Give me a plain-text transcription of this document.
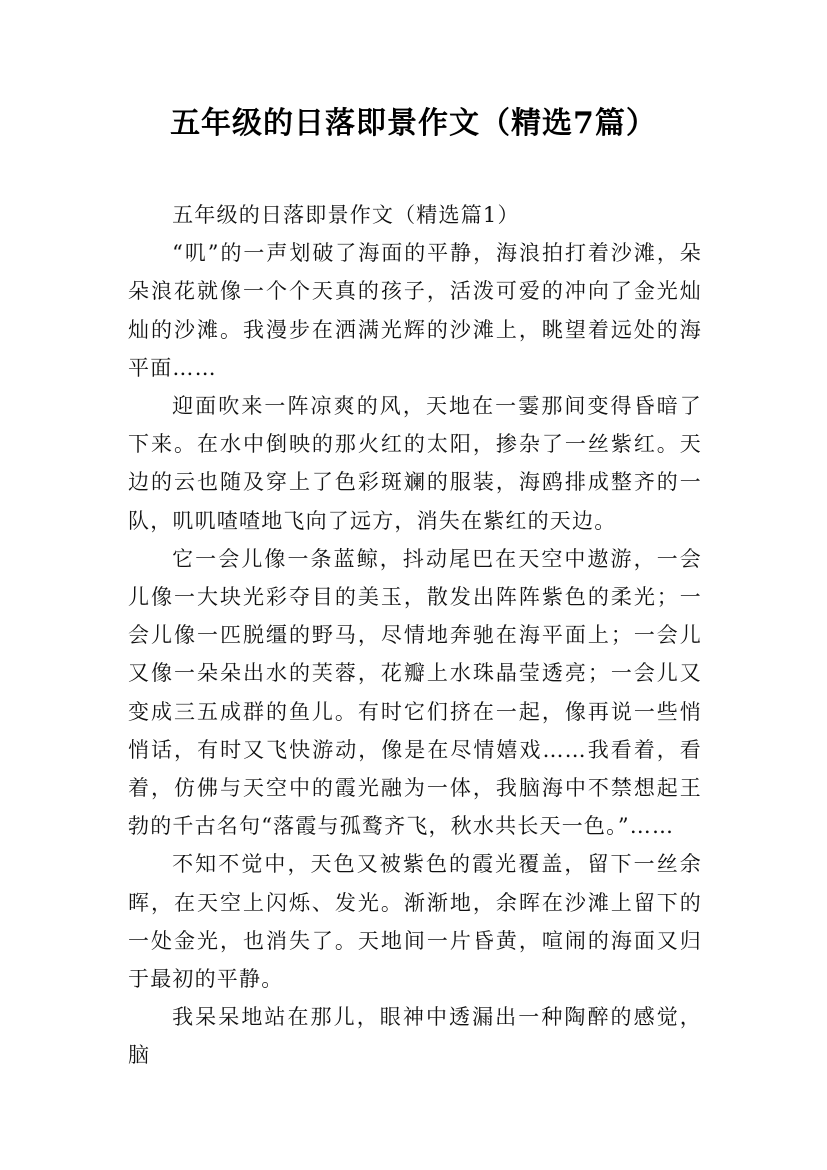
五年级的日落即景作文（精选7篇）
五年级的日落即景作文（精选篇1）

“叽”的一声划破了海面的平静，海浪拍打着沙滩，朵朵浪花就像一个个天真的孩子，活泼可爱的冲向了金光灿灿的沙滩。我漫步在洒满光辉的沙滩上，眺望着远处的海平面……

迎面吹来一阵凉爽的风，天地在一霎那间变得昏暗了下来。在水中倒映的那火红的太阳，掺杂了一丝紫红。天边的云也随及穿上了色彩斑斓的服装，海鸥排成整齐的一队，叽叽喳喳地飞向了远方，消失在紫红的天边。

它一会儿像一条蓝鲸，抖动尾巴在天空中遨游，一会儿像一大块光彩夺目的美玉，散发出阵阵紫色的柔光；一会儿像一匹脱缰的野马，尽情地奔驰在海平面上；一会儿又像一朵朵出水的芙蓉，花瓣上水珠晶莹透亮；一会儿又变成三五成群的鱼儿。有时它们挤在一起，像再说一些悄悄话，有时又飞快游动，像是在尽情嬉戏……我看着，看着，仿佛与天空中的霞光融为一体，我脑海中不禁想起王勃的千古名句“落霞与孤鹜齐飞，秋水共长天一色。”……

不知不觉中，天色又被紫色的霞光覆盖，留下一丝余晖，在天空上闪烁、发光。渐渐地，余晖在沙滩上留下的一处金光，也消失了。天地间一片昏黄，喧闹的海面又归于最初的平静。

我呆呆地站在那儿，眼神中透漏出一种陶醉的感觉，脑
